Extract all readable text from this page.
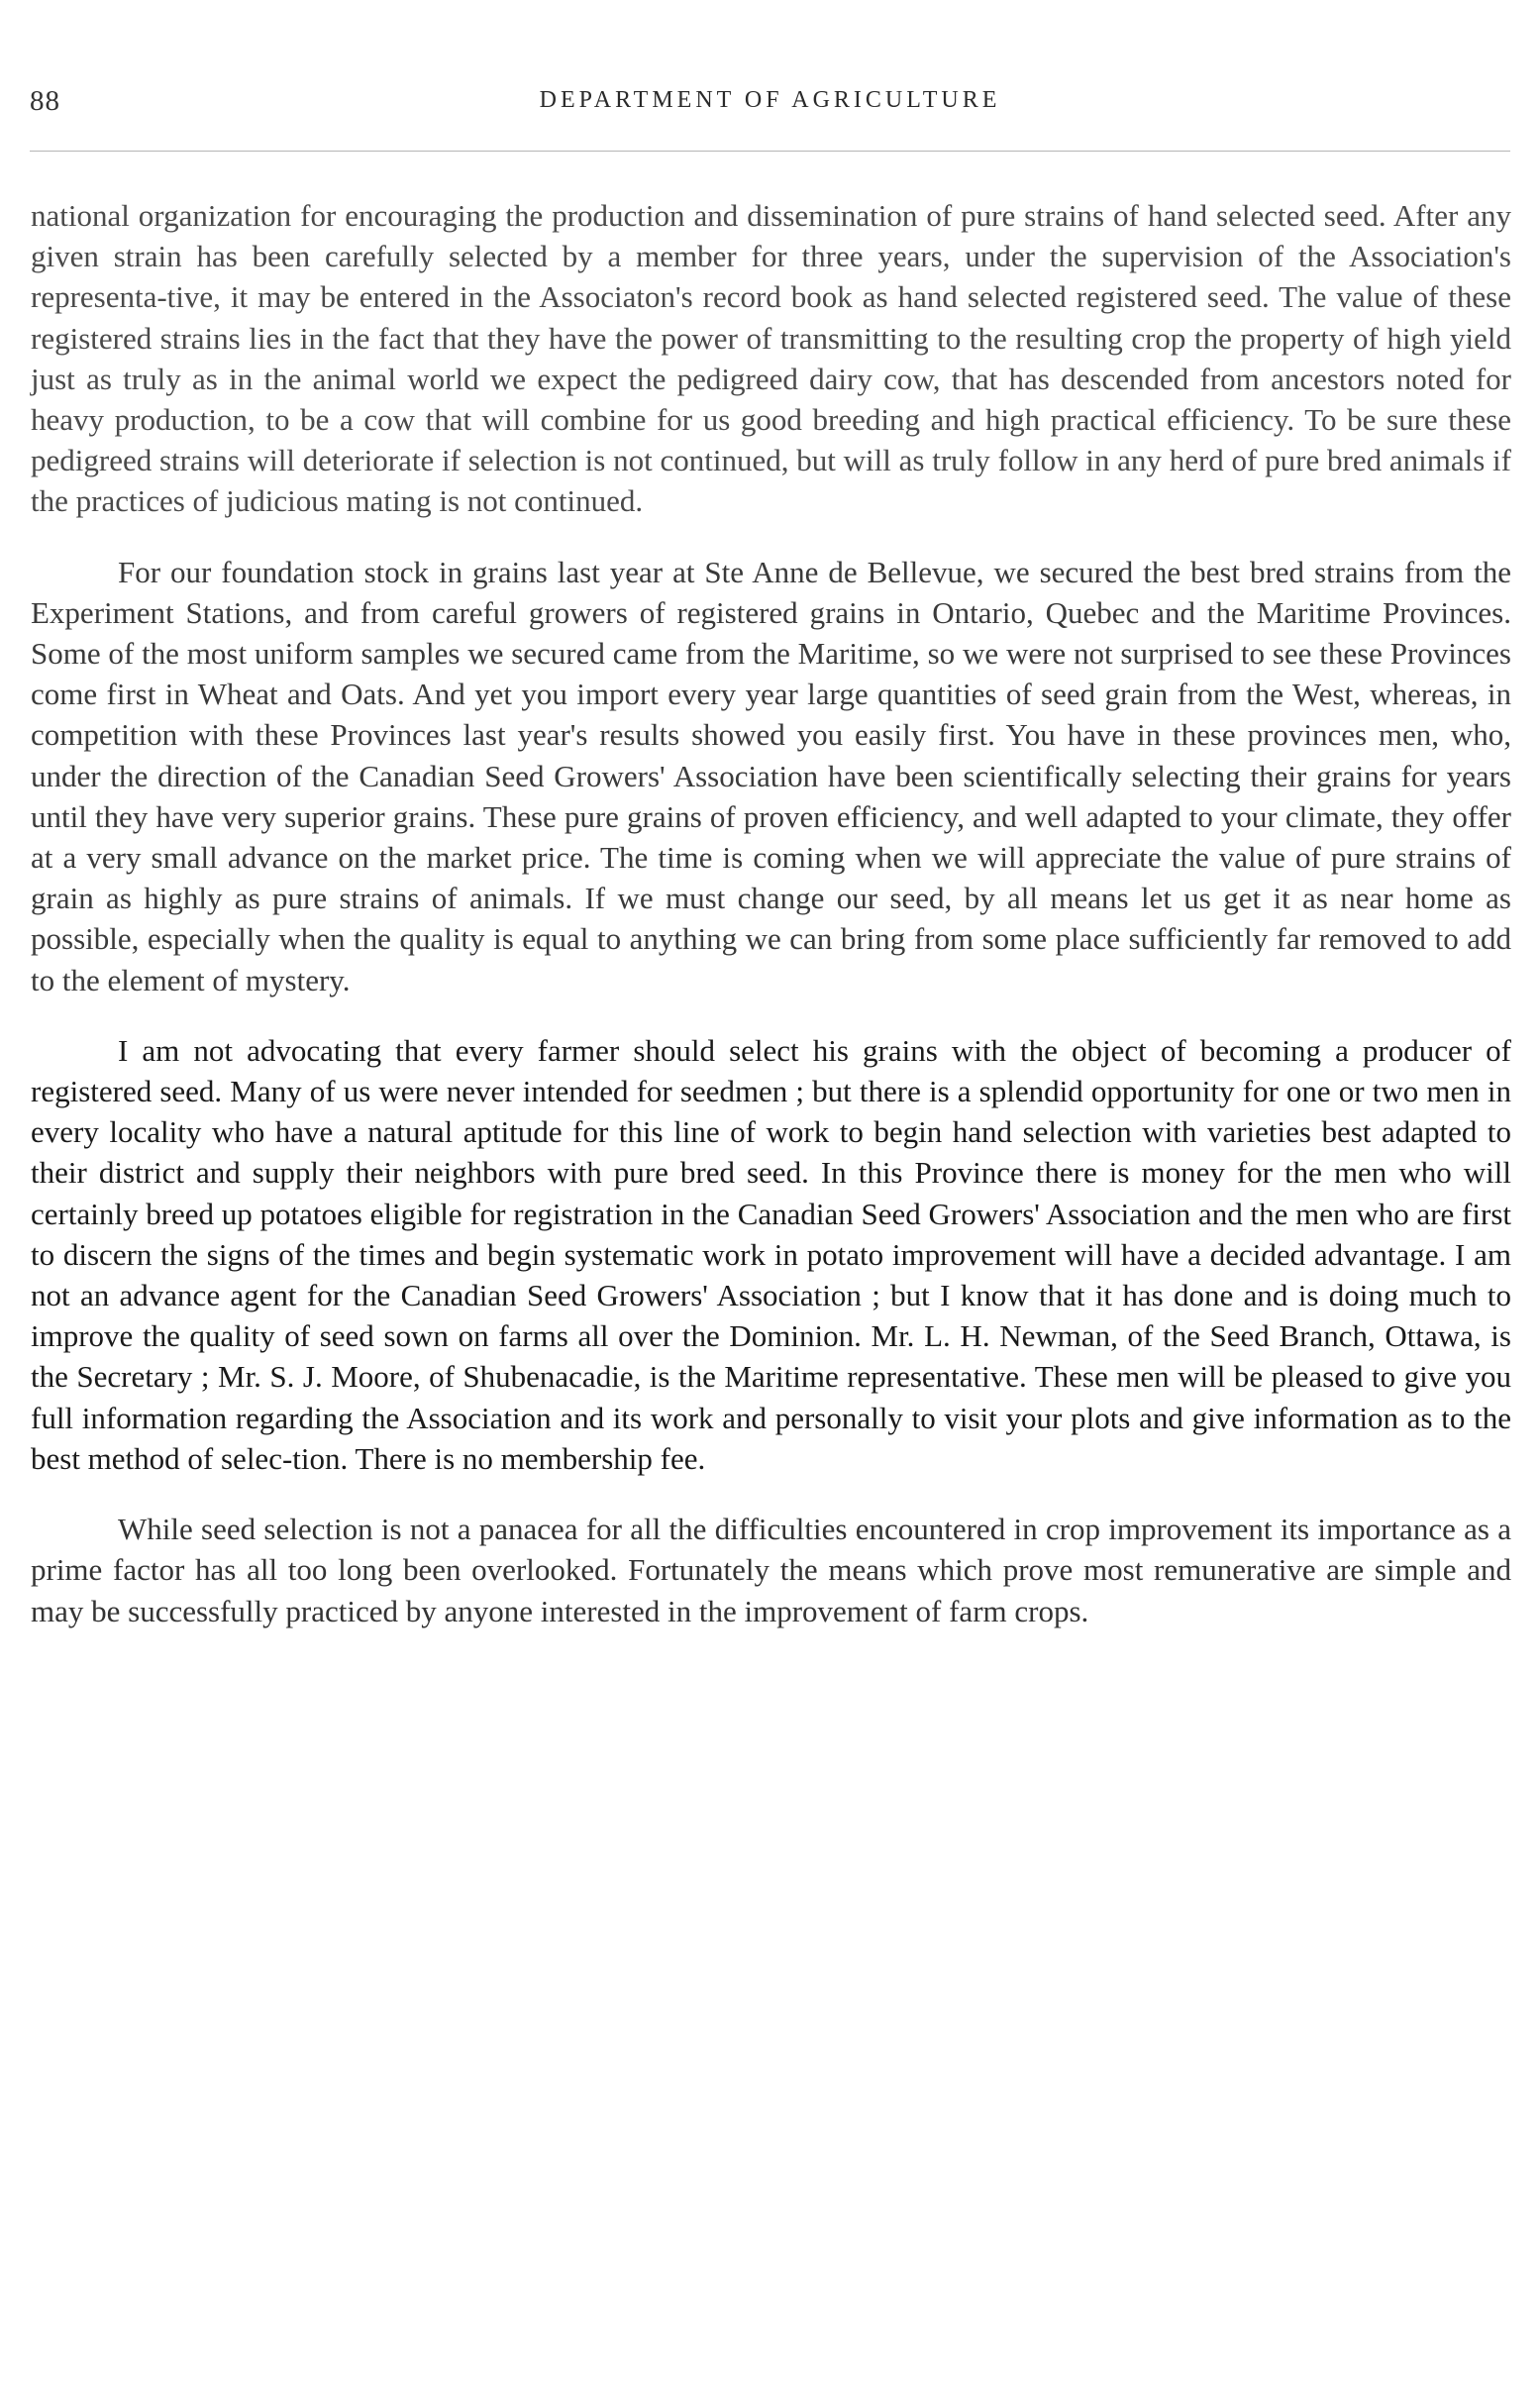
88	DEPARTMENT OF AGRICULTURE

national organization for encouraging the production and dissemination of pure strains of hand selected seed. After any given strain has been carefully selected by a member for three years, under the supervision of the Association's representa-tive, it may be entered in the Associaton's record book as hand selected registered seed. The value of these registered strains lies in the fact that they have the power of transmitting to the resulting crop the property of high yield just as truly as in the animal world we expect the pedigreed dairy cow, that has descended from ancestors noted for heavy production, to be a cow that will combine for us good breeding and high practical efficiency. To be sure these pedigreed strains will deteriorate if selection is not continued, but will as truly follow in any herd of pure bred animals if the practices of judicious mating is not continued.

For our foundation stock in grains last year at Ste Anne de Bellevue, we secured the best bred strains from the Experiment Stations, and from careful growers of registered grains in Ontario, Quebec and the Maritime Provinces. Some of the most uniform samples we secured came from the Maritime, so we were not surprised to see these Provinces come first in Wheat and Oats. And yet you import every year large quantities of seed grain from the West, whereas, in competition with these Provinces last year's results showed you easily first. You have in these provinces men, who, under the direction of the Canadian Seed Growers' Association have been scientifically selecting their grains for years until they have very superior grains. These pure grains of proven efficiency, and well adapted to your climate, they offer at a very small advance on the market price. The time is coming when we will appreciate the value of pure strains of grain as highly as pure strains of animals. If we must change our seed, by all means let us get it as near home as possible, especially when the quality is equal to anything we can bring from some place sufficiently far removed to add to the element of mystery.

I am not advocating that every farmer should select his grains with the object of becoming a producer of registered seed. Many of us were never intended for seedmen ; but there is a splendid opportunity for one or two men in every locality who have a natural aptitude for this line of work to begin hand selection with varieties best adapted to their district and supply their neighbors with pure bred seed. In this Province there is money for the men who will certainly breed up potatoes eligible for registration in the Canadian Seed Growers' Association and the men who are first to discern the signs of the times and begin systematic work in potato improvement will have a decided advantage. I am not an advance agent for the Canadian Seed Growers' Association ; but I know that it has done and is doing much to improve the quality of seed sown on farms all over the Dominion. Mr. L. H. Newman, of the Seed Branch, Ottawa, is the Secretary ; Mr. S. J. Moore, of Shubenacadie, is the Maritime representative. These men will be pleased to give you full information regarding the Association and its work and personally to visit your plots and give information as to the best method of selec-tion. There is no membership fee.

While seed selection is not a panacea for all the difficulties encountered in crop improvement its importance as a prime factor has all too long been overlooked. Fortunately the means which prove most remunerative are simple and may be successfully practiced by anyone interested in the improvement of farm crops.
